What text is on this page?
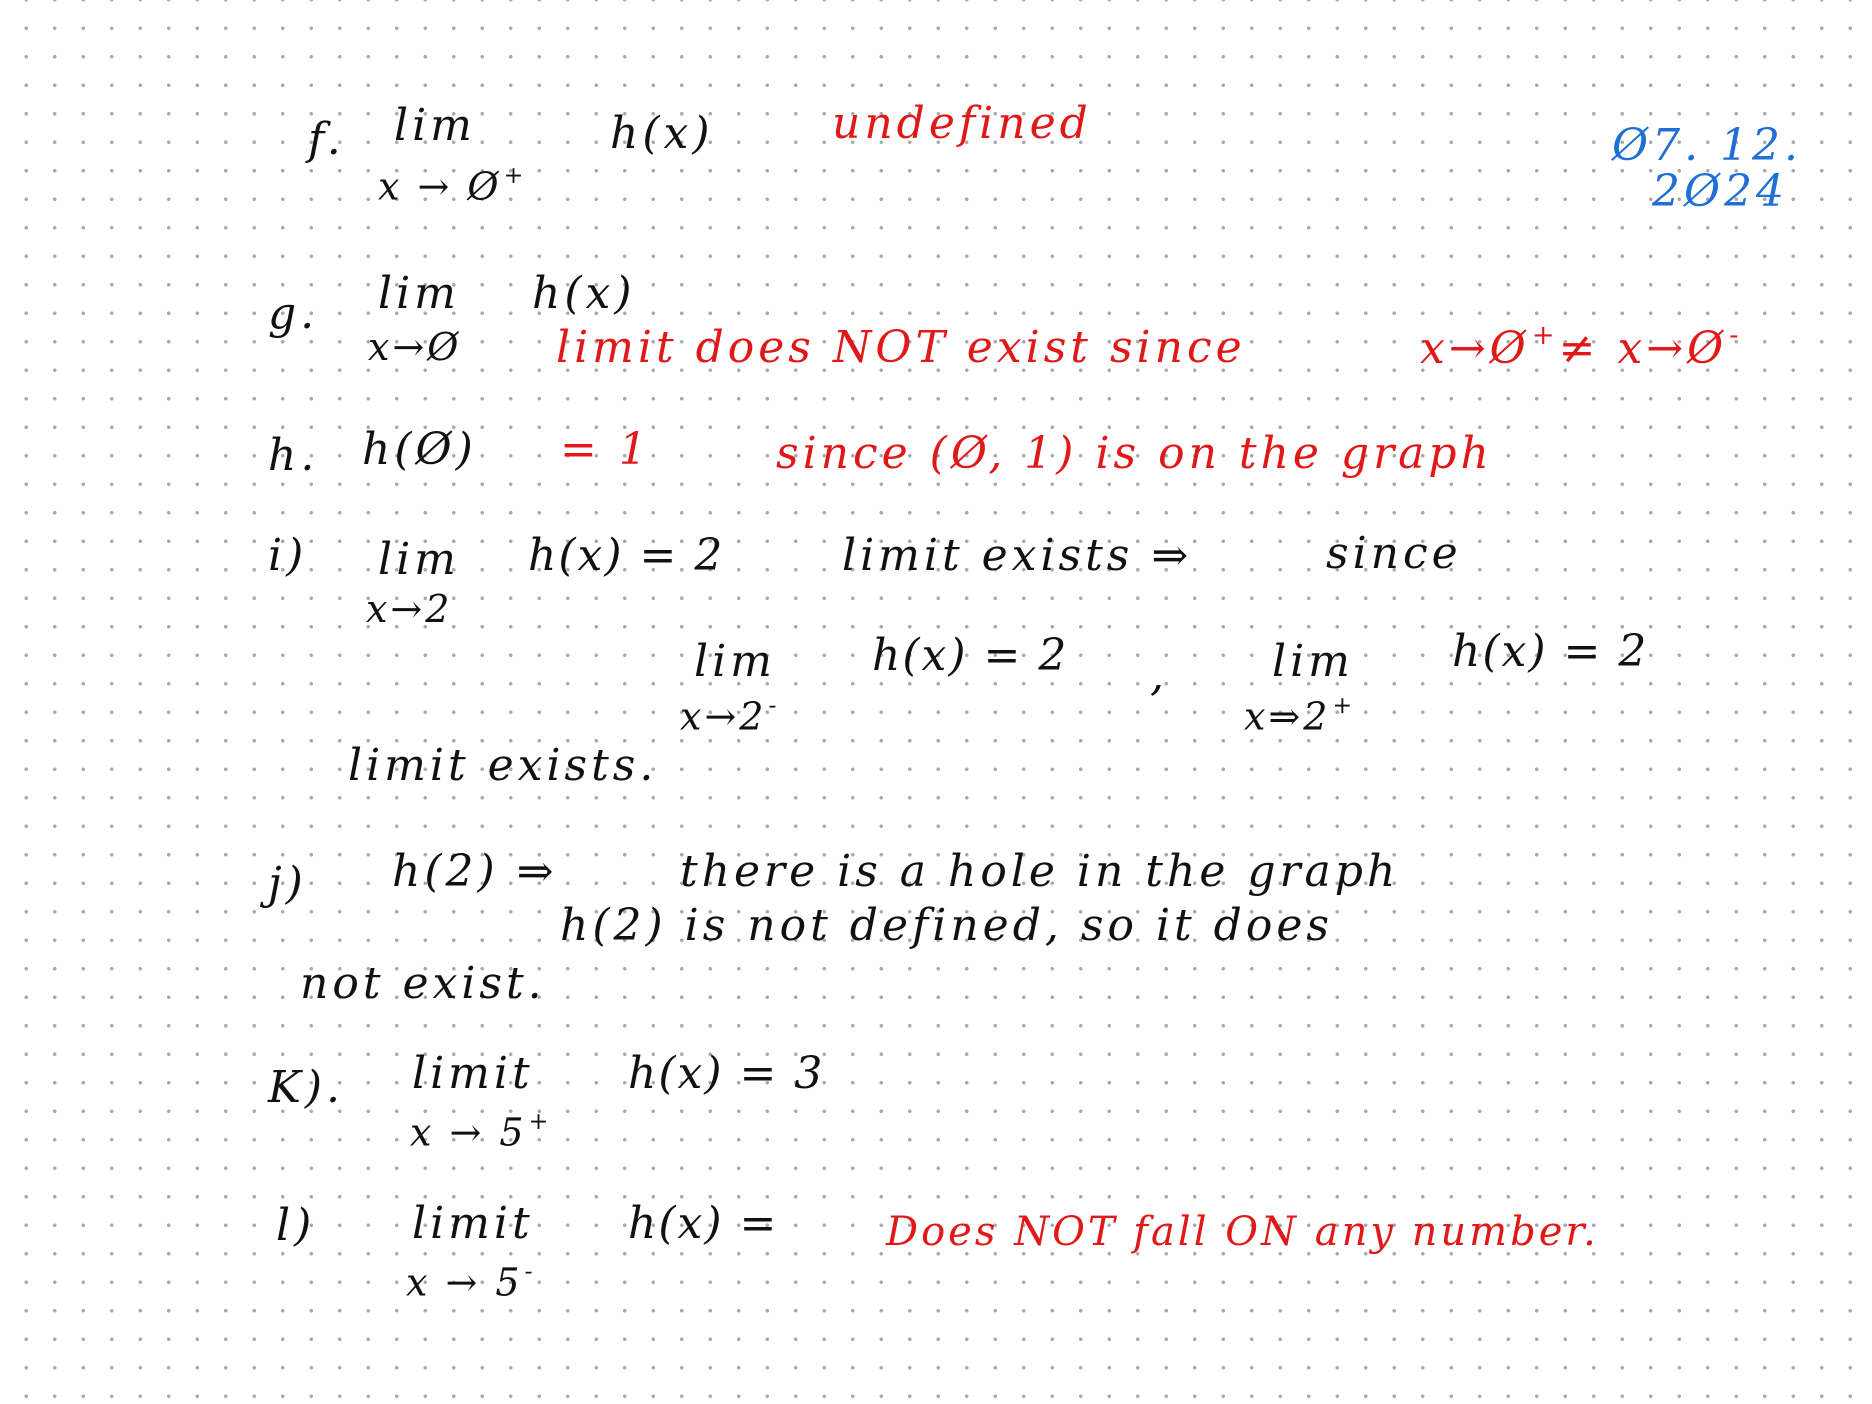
Ø7. 12.
2Ø24
f. lim
x → Ø+
h(x)	undefined
g. lim h(x)
x→Ø limit does NOT exist since	x→Ø+≠ x→Ø-
h. h(Ø) = 1	since (Ø, 1) is on the graph
i) lim h(x) = 2
x→2
limit exists ⇒	since
lim h(x) = 2
x→2-
, lim h(x) = 2
x⇒2+
limit exists.
j) h(2) ⇒	there is a hole in the graph
h(2) is not defined, so it does
not exist.
K). limit h(x) = 3
x → 5+
l) limit h(x) =
x → 5-
Does NOT fall ON any number.
